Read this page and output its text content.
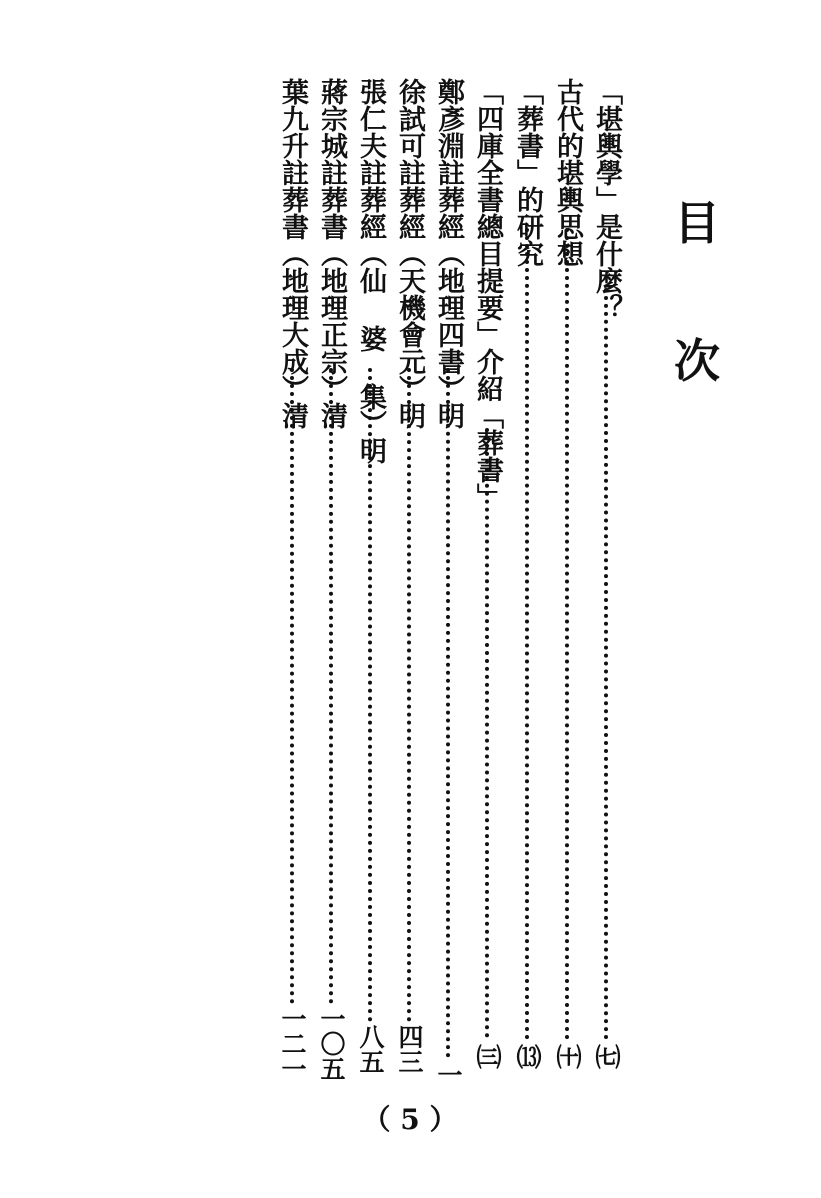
目
次
「堪輿學」是什麼？
㈦
古代的堪輿思想
㈩
「葬書」的研究
⒀
「四庫全書總目提要」介紹「葬書」
㈢
鄭彥淵註葬經（地理四書）明
一
徐試可註葬經（天機會元）明
四三
張仁夫註葬經（仙 婆 集）明
八五
蔣宗城註葬書（地理正宗）清
一〇五
葉九升註葬書（地理大成）清
一二一
（ 5 ）
